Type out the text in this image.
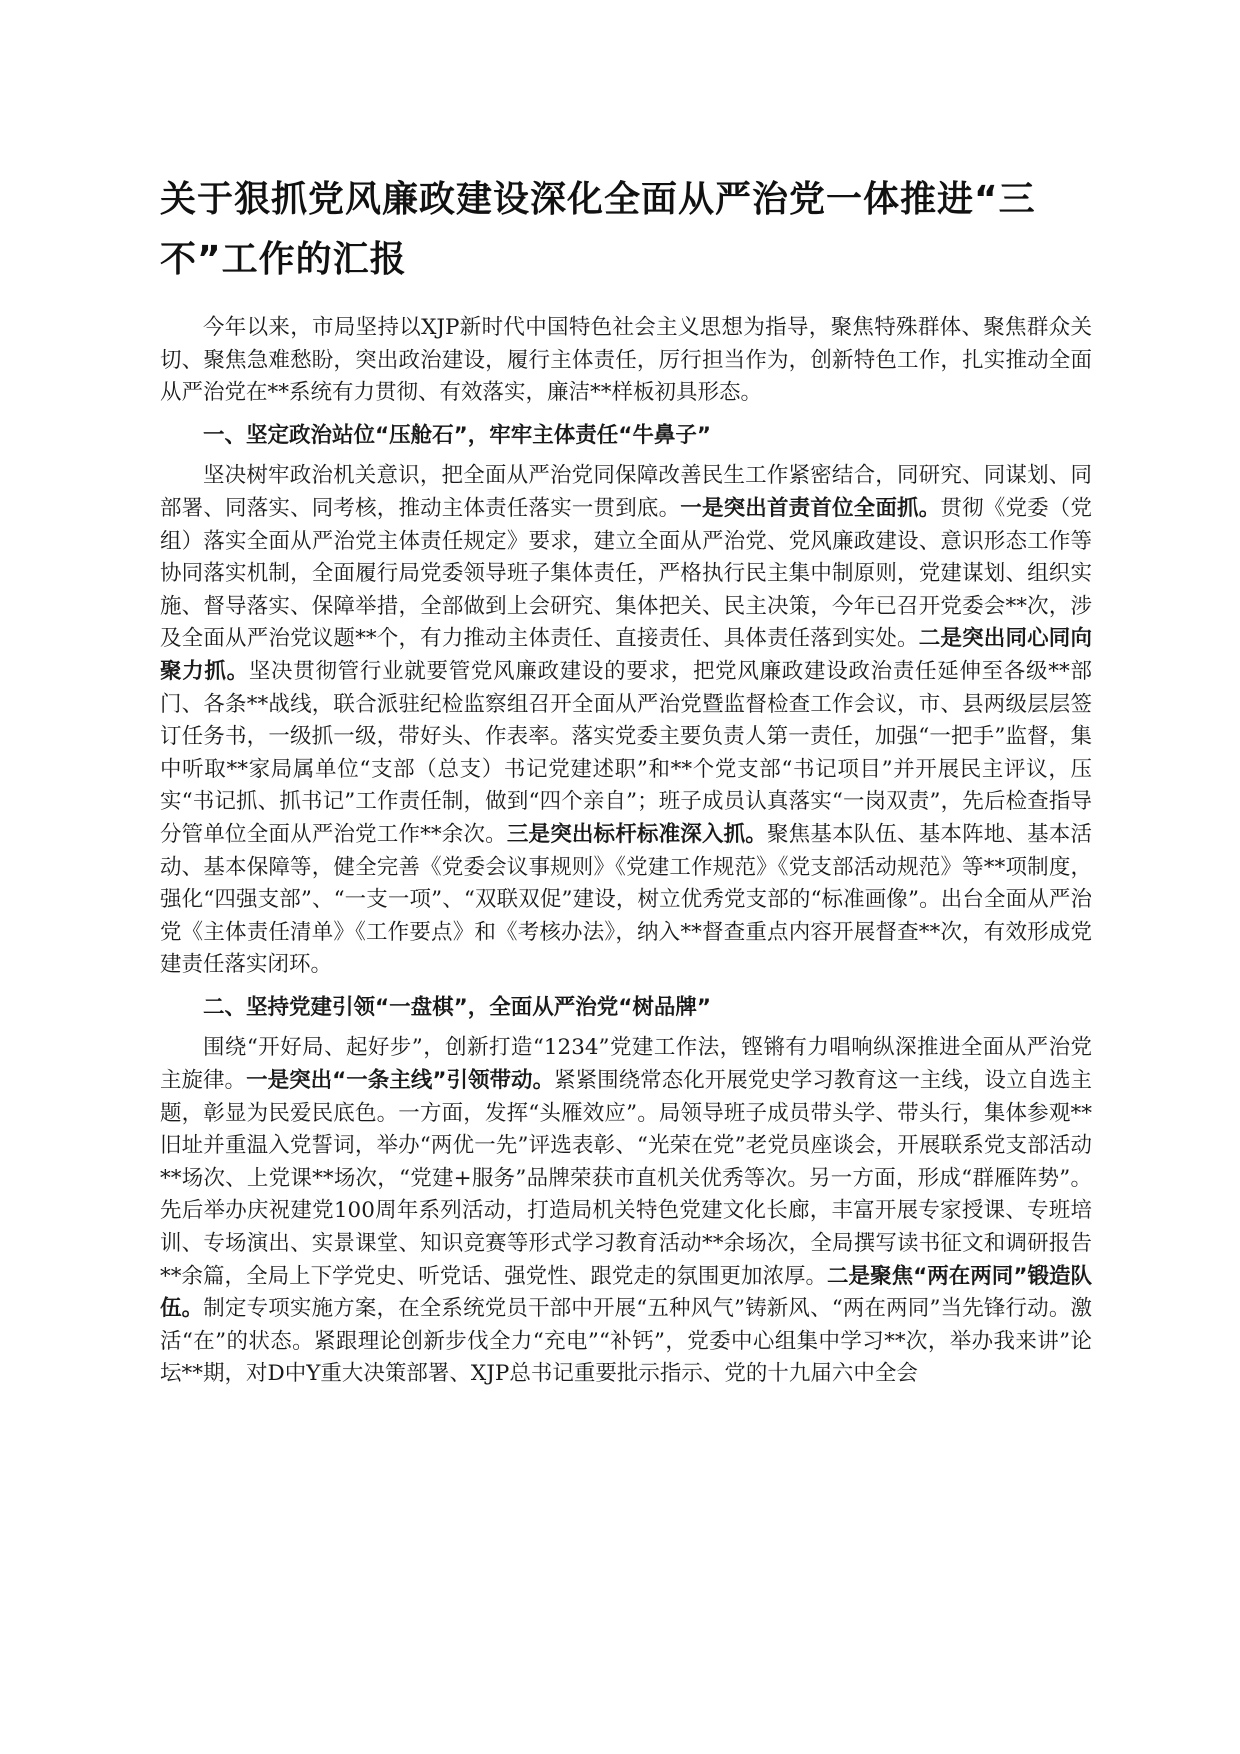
关于狠抓党风廉政建设深化全面从严治党一体推进“三不”工作的汇报

今年以来，市局坚持以XJP新时代中国特色社会主义思想为指导，聚焦特殊群体、聚焦群众关切、聚焦急难愁盼，突出政治建设，履行主体责任，厉行担当作为，创新特色工作，扎实推动全面从严治党在**系统有力贯彻、有效落实，廉洁**样板初具形态。

一、坚定政治站位“压舱石”，牢牢主体责任“牛鼻子”

坚决树牢政治机关意识，把全面从严治党同保障改善民生工作紧密结合，同研究、同谋划、同部署、同落实、同考核，推动主体责任落实一贯到底。一是突出首责首位全面抓。贯彻《党委（党组）落实全面从严治党主体责任规定》要求，建立全面从严治党、党风廉政建设、意识形态工作等协同落实机制，全面履行局党委领导班子集体责任，严格执行民主集中制原则，党建谋划、组织实施、督导落实、保障举措，全部做到上会研究、集体把关、民主决策，今年已召开党委会**次，涉及全面从严治党议题**个，有力推动主体责任、直接责任、具体责任落到实处。二是突出同心同向聚力抓。坚决贯彻管行业就要管党风廉政建设的要求，把党风廉政建设政治责任延伸至各级**部门、各条**战线，联合派驻纪检监察组召开全面从严治党暨监督检查工作会议，市、县两级层层签订任务书，一级抓一级，带好头、作表率。落实党委主要负责人第一责任，加强“一把手”监督，集中听取**家局属单位“支部（总支）书记党建述职”和**个党支部“书记项目”并开展民主评议，压实“书记抓、抓书记”工作责任制，做到“四个亲自”；班子成员认真落实“一岗双责”，先后检查指导分管单位全面从严治党工作**余次。三是突出标杆标准深入抓。聚焦基本队伍、基本阵地、基本活动、基本保障等，健全完善《党委会议事规则》《党建工作规范》《党支部活动规范》等**项制度，强化“四强支部”、“一支一项”、“双联双促”建设，树立优秀党支部的“标准画像”。出台全面从严治党《主体责任清单》《工作要点》和《考核办法》，纳入**督查重点内容开展督查**次，有效形成党建责任落实闭环。

二、坚持党建引领“一盘棋”，全面从严治党“树品牌”

围绕“开好局、起好步”，创新打造“1234”党建工作法，铿锵有力唱响纵深推进全面从严治党主旋律。一是突出“一条主线”引领带动。紧紧围绕常态化开展党史学习教育这一主线，设立自选主题，彰显为民爱民底色。一方面，发挥“头雁效应”。局领导班子成员带头学、带头行，集体参观**旧址并重温入党誓词，举办“两优一先”评选表彰、“光荣在党”老党员座谈会，开展联系党支部活动**场次、上党课**场次，“党建+服务”品牌荣获市直机关优秀等次。另一方面，形成“群雁阵势”。先后举办庆祝建党100周年系列活动，打造局机关特色党建文化长廊，丰富开展专家授课、专班培训、专场演出、实景课堂、知识竞赛等形式学习教育活动**余场次，全局撰写读书征文和调研报告**余篇，全局上下学党史、听党话、强党性、跟党走的氛围更加浓厚。二是聚焦“两在两同”锻造队伍。制定专项实施方案，在全系统党员干部中开展“五种风气”铸新风、“两在两同”当先锋行动。激活“在”的状态。紧跟理论创新步伐全力“充电”“补钙”，党委中心组集中学习**次，举办我来讲”论坛**期，对D中Y重大决策部署、XJP总书记重要批示指示、党的十九届六中全会
